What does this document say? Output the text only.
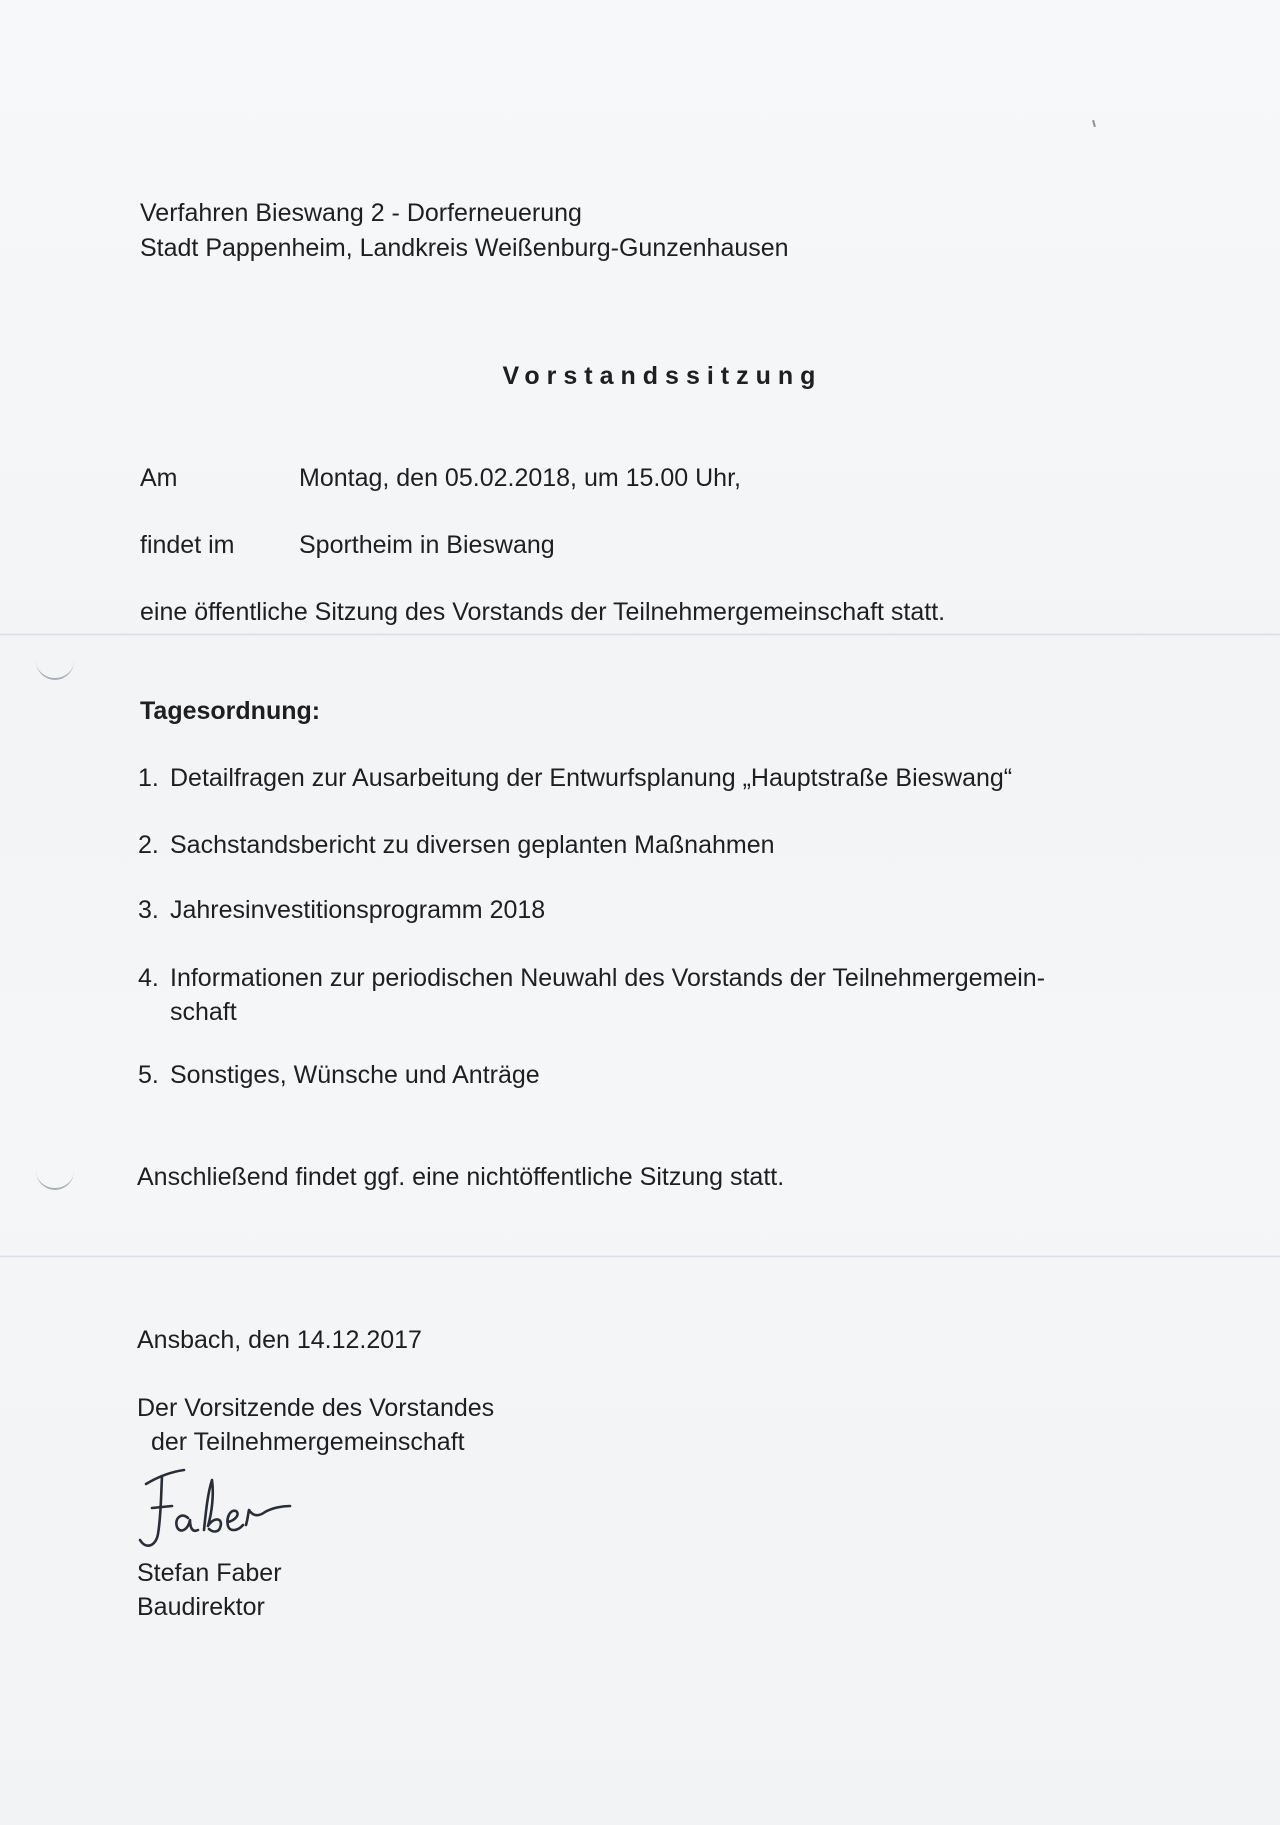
Verfahren Bieswang 2 - Dorferneuerung
Stadt Pappenheim, Landkreis Weißenburg-Gunzenhausen
Vorstandssitzung
Am	Montag, den 05.02.2018, um 15.00 Uhr,
findet im	Sportheim in Bieswang
eine öffentliche Sitzung des Vorstands der Teilnehmergemeinschaft statt.
Tagesordnung:
1. Detailfragen zur Ausarbeitung der Entwurfsplanung „Hauptstraße Bieswang“
2. Sachstandsbericht zu diversen geplanten Maßnahmen
3. Jahresinvestitionsprogramm 2018
4. Informationen zur periodischen Neuwahl des Vorstands der Teilnehmergemein-
schaft
5. Sonstiges, Wünsche und Anträge
Anschließend findet ggf. eine nichtöffentliche Sitzung statt.
Ansbach, den 14.12.2017
Der Vorsitzende des Vorstandes
der Teilnehmergemeinschaft
Stefan Faber
Baudirektor
